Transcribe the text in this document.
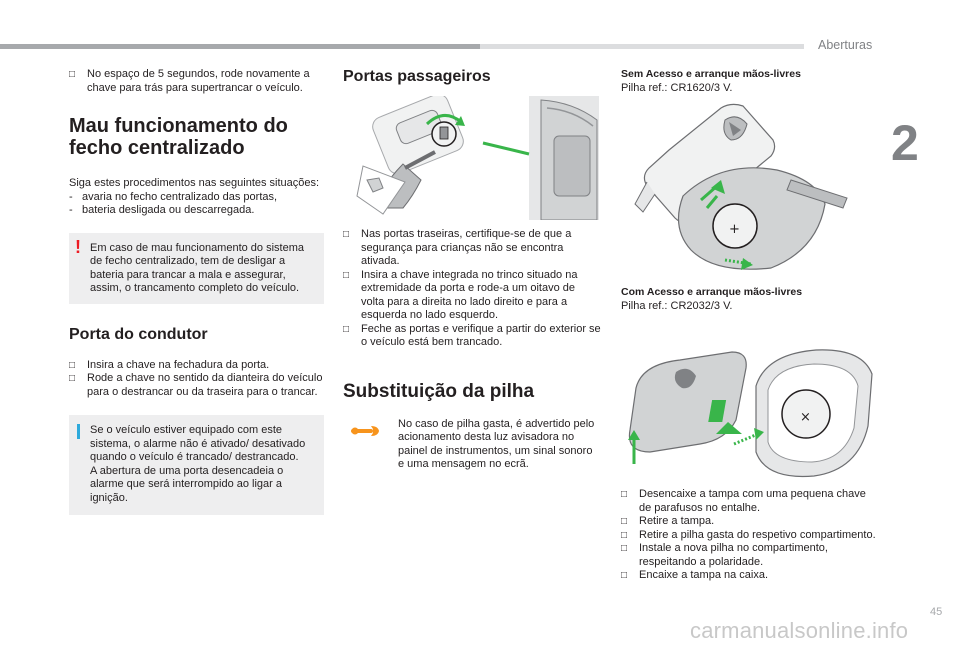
Aberturas
2
□ No espaço de 5 segundos, rode novamente a chave para trás para supertrancar o veículo.
Mau funcionamento do fecho centralizado

Siga estes procedimentos nas seguintes situações:

- avaria no fecho centralizado das portas,
- bateria desligada ou descarregada.
! Em caso de mau funcionamento do sistema de fecho centralizado, tem de desligar a bateria para trancar a mala e assegurar, assim, o trancamento completo do veículo.
Porta do condutor
□ Insira a chave na fechadura da porta.
□ Rode a chave no sentido da dianteira do veículo para o destrancar ou da traseira para o trancar.

Se o veículo estiver equipado com este sistema, o alarme não é ativado/ desativado quando o veículo é trancado/ destrancado.

A abertura de uma porta desencadeia o alarme que será interrompido ao ligar a ignição.

Portas passageiros
□ Nas portas traseiras, certifique-se de que a segurança para crianças não se encontra ativada.
□ Insira a chave integrada no trinco situado na extremidade da porta e rode-a um oitavo de volta para a direita no lado direito e para a esquerda no lado esquerdo.
□ Feche as portas e verifique a partir do exterior se o veículo está bem trancado.
Substituição da pilha
No caso de pilha gasta, é advertido pelo acionamento desta luz avisadora no painel de instrumentos, um sinal sonoro e uma mensagem no ecrã.
Sem Acesso e arranque mãos-livres
Pilha ref.: CR1620/3 V.
+
Com Acesso e arranque mãos-livres
Pilha ref.: CR2032/3 V.
×
□ Desencaixe a tampa com uma pequena chave de parafusos no entalhe.
□ Retire a tampa.
□ Retire a pilha gasta do respetivo compartimento.
□ Instale a nova pilha no compartimento, respeitando a polaridade.
□ Encaixe a tampa na caixa.
45
carmanualsonline.info
